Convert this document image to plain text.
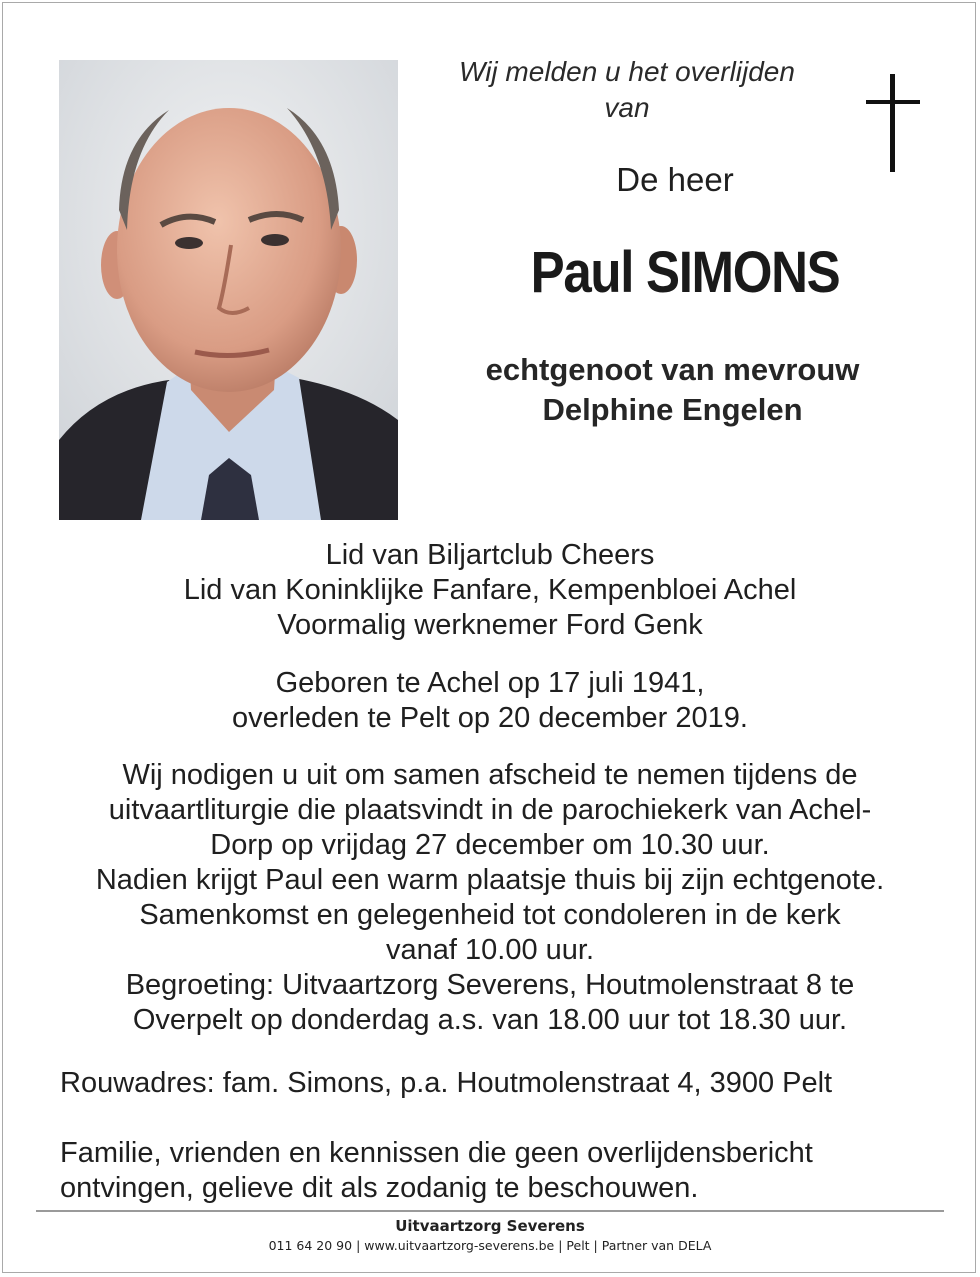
Wij melden u het overlijden
van
De heer
Paul SIMONS
echtgenoot van mevrouw
Delphine Engelen
Lid van Biljartclub Cheers
Lid van Koninklijke Fanfare, Kempenbloei Achel
Voormalig werknemer Ford Genk
Geboren te Achel op 17 juli 1941,
overleden te Pelt op 20 december 2019.
Wij nodigen u uit om samen afscheid te nemen tijdens de
uitvaartliturgie die plaatsvindt in de parochiekerk van Achel-
Dorp op vrijdag 27 december om 10.30 uur.
Nadien krijgt Paul een warm plaatsje thuis bij zijn echtgenote.
Samenkomst en gelegenheid tot condoleren in de kerk
vanaf 10.00 uur.
Begroeting: Uitvaartzorg Severens, Houtmolenstraat 8 te
Overpelt op donderdag a.s. van 18.00 uur tot 18.30 uur.
Rouwadres: fam. Simons, p.a. Houtmolenstraat 4, 3900 Pelt
Familie, vrienden en kennissen die geen overlijdensbericht
ontvingen, gelieve dit als zodanig te beschouwen.
Uitvaartzorg Severens
011 64 20 90 | www.uitvaartzorg-severens.be | Pelt | Partner van DELA
